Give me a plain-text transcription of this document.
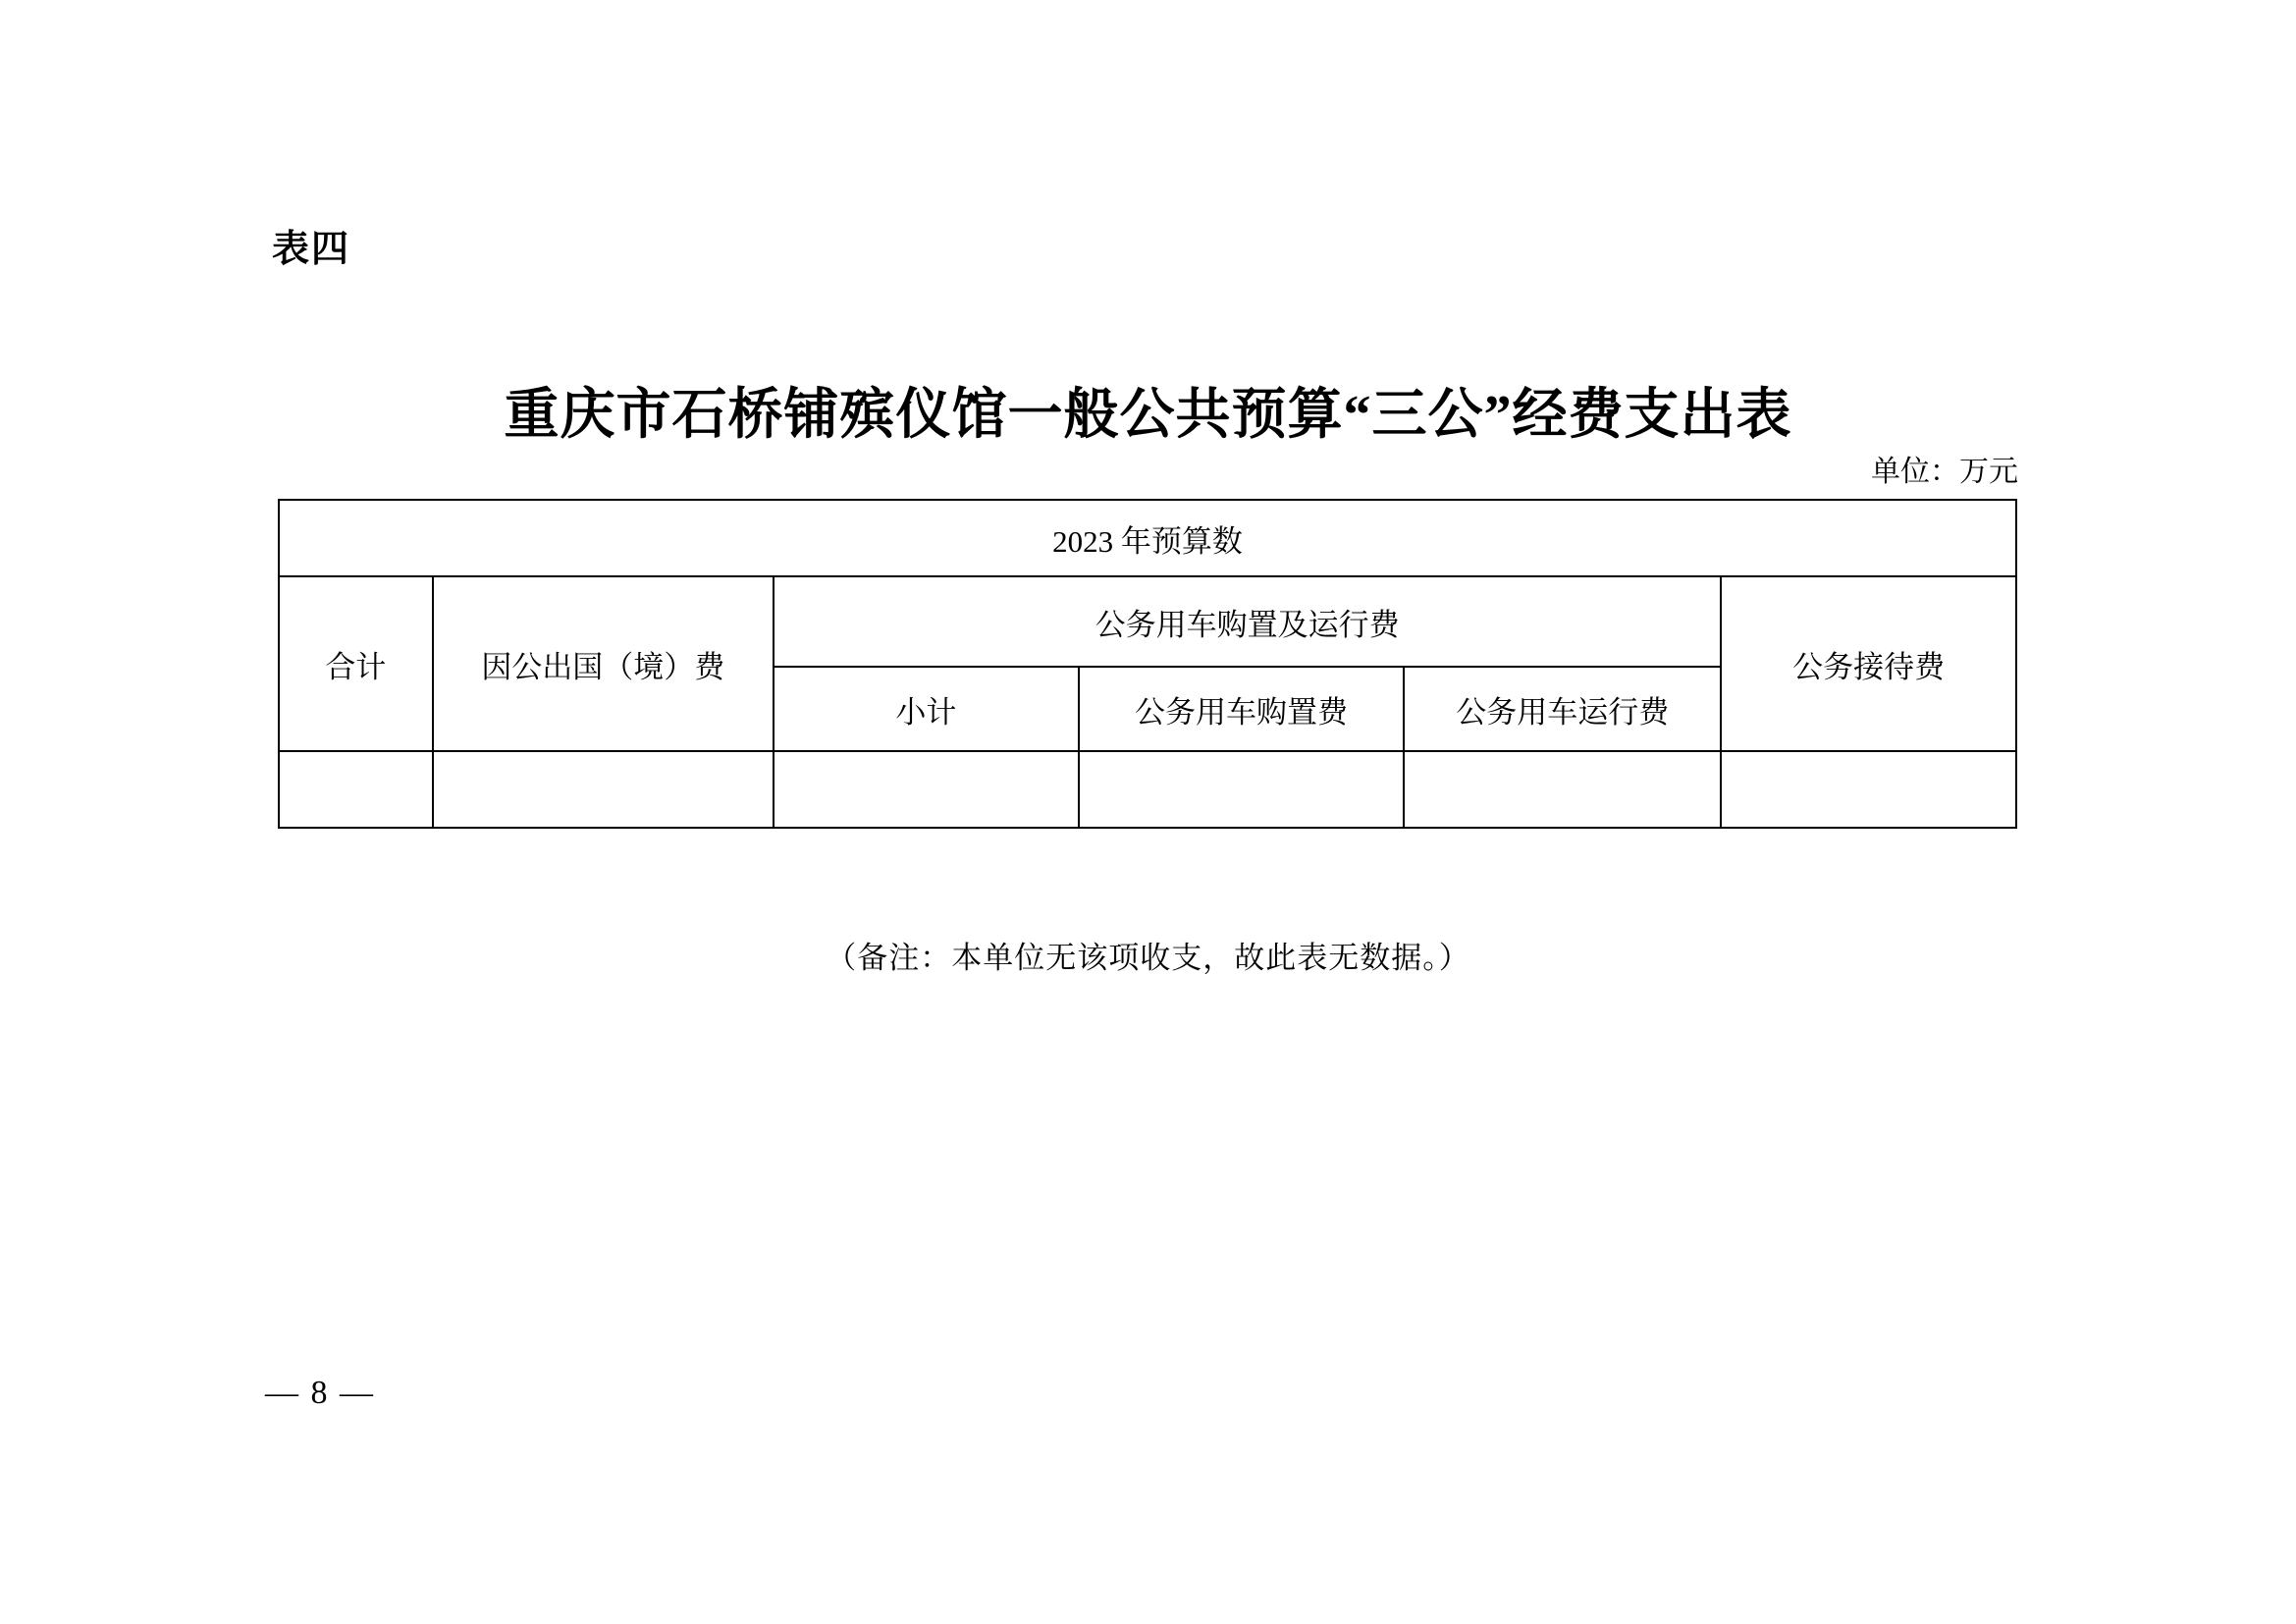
表四
重庆市石桥铺殡仪馆一般公共预算“三公”经费支出表
单位：万元
2023 年预算数					
合计	因公出国（境）费	公务用车购置及运行费			公务接待费
		小计	公务用车购置费	公务用车运行费	

（备注：本单位无该项收支，故此表无数据。）
— 8 —
